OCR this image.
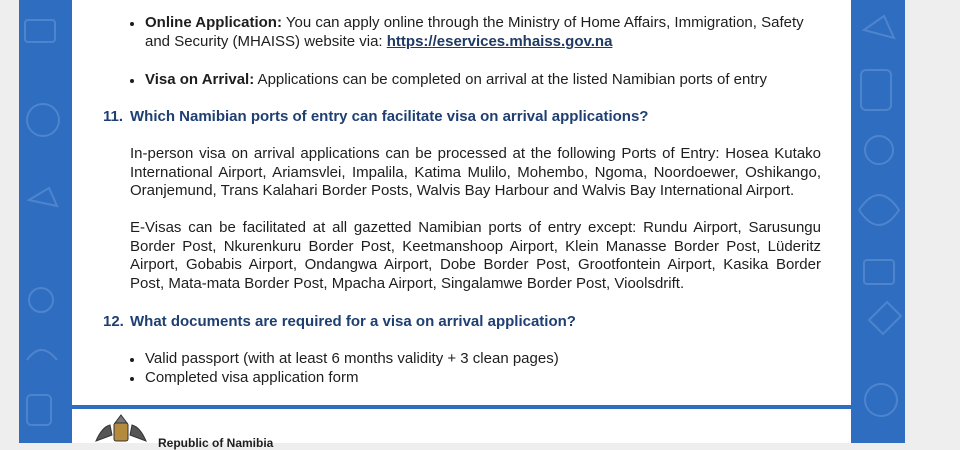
Online Application: You can apply online through the Ministry of Home Affairs, Immigration, Safety
and Security (MHAISS) website via: https://eservices.mhaiss.gov.na
Visa on Arrival: Applications can be completed on arrival at the listed Namibian ports of entry
11. Which Namibian ports of entry can facilitate visa on arrival applications?
In-person visa on arrival applications can be processed at the following Ports of Entry: Hosea Kutako International Airport, Ariamsvlei, Impalila, Katima Mulilo, Mohembo, Ngoma, Noordoewer, Oshikango, Oranjemund, Trans Kalahari Border Posts, Walvis Bay Harbour and Walvis Bay International Airport.
E-Visas can be facilitated at all gazetted Namibian ports of entry except: Rundu Airport, Sarusungu Border Post, Nkurenkuru Border Post, Keetmanshoop Airport, Klein Manasse Border Post, Lüderitz Airport, Gobabis Airport, Ondangwa Airport, Dobe Border Post, Grootfontein Airport, Kasika Border Post, Mata-mata Border Post, Mpacha Airport, Singalamwe Border Post, Vioolsdrift.
12. What documents are required for a visa on arrival application?
Valid passport (with at least 6 months validity + 3 clean pages)
Completed visa application form
Republic of Namibia
